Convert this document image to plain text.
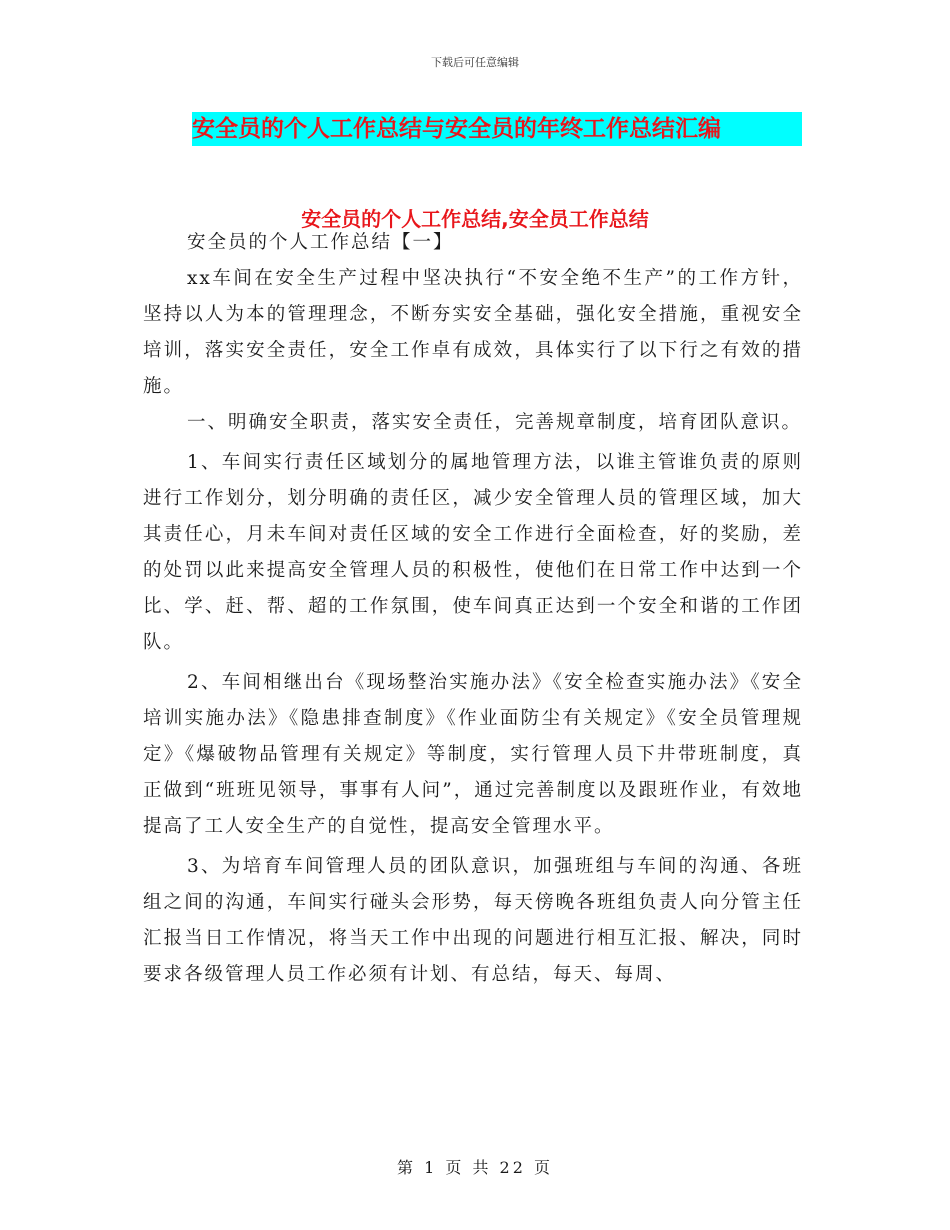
下载后可任意编辑
安全员的个人工作总结与安全员的年终工作总结汇编
安全员的个人工作总结,安全员工作总结

安全员的个人工作总结【一】

xx车间在安全生产过程中坚决执行“不安全绝不生产”的工作方针，坚持以人为本的管理理念，不断夯实安全基础，强化安全措施，重视安全培训，落实安全责任，安全工作卓有成效，具体实行了以下行之有效的措施。

一、明确安全职责，落实安全责任，完善规章制度，培育团队意识。

1、车间实行责任区域划分的属地管理方法，以谁主管谁负责的原则进行工作划分，划分明确的责任区，减少安全管理人员的管理区域，加大其责任心，月未车间对责任区域的安全工作进行全面检查，好的奖励，差的处罚以此来提高安全管理人员的积极性，使他们在日常工作中达到一个比、学、赶、帮、超的工作氛围，使车间真正达到一个安全和谐的工作团队。

2、车间相继出台《现场整治实施办法》《安全检查实施办法》《安全培训实施办法》《隐患排查制度》《作业面防尘有关规定》《安全员管理规定》《爆破物品管理有关规定》等制度，实行管理人员下井带班制度，真正做到“班班见领导，事事有人问”，通过完善制度以及跟班作业，有效地提高了工人安全生产的自觉性，提高安全管理水平。

3、为培育车间管理人员的团队意识，加强班组与车间的沟通、各班组之间的沟通，车间实行碰头会形势，每天傍晚各班组负责人向分管主任汇报当日工作情况，将当天工作中出现的问题进行相互汇报、解决，同时要求各级管理人员工作必须有计划、有总结，每天、每周、

第 1 页 共 22 页
